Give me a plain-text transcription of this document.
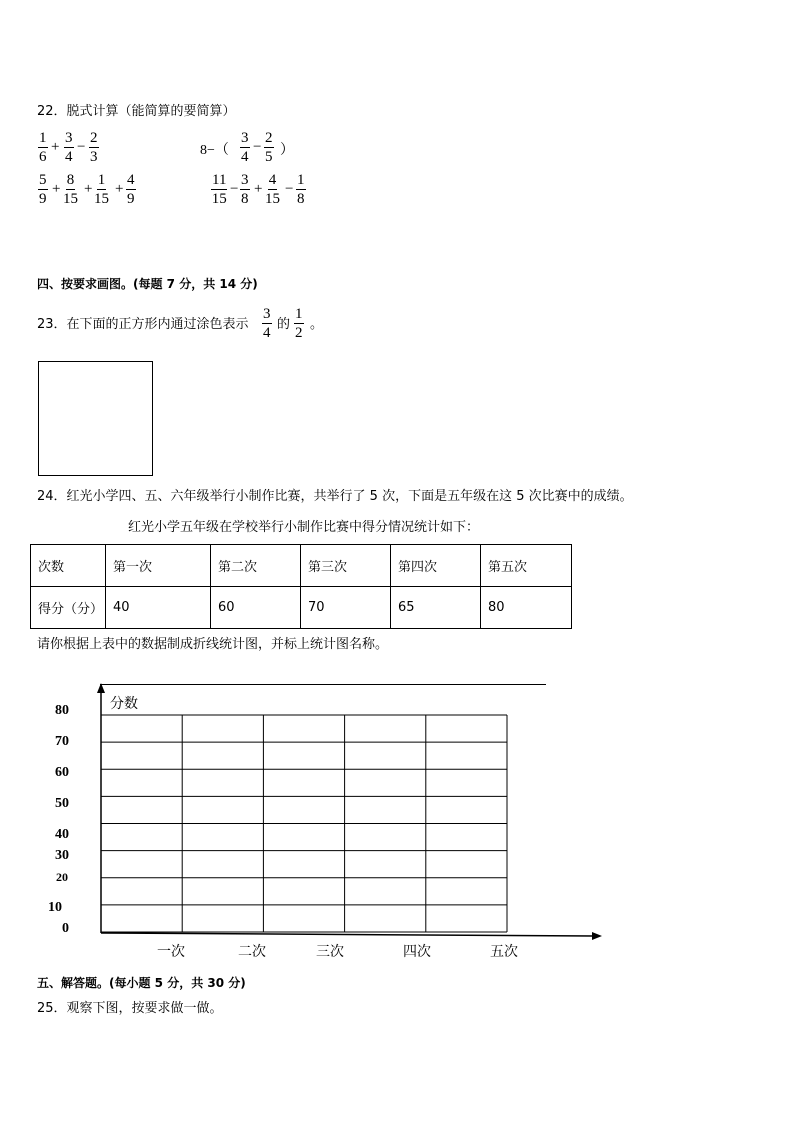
22．脱式计算（能简算的要简算）
$\frac{1}{6} + \frac{3}{4} - \frac{2}{3}$	$8-( \frac{3}{4} - \frac{2}{5}$ ）
$\frac{5}{9} + \frac{8}{15} + \frac{1}{15} + \frac{4}{9}$	$\frac{11}{15} - \frac{3}{8} + \frac{4}{15} - \frac{1}{8}$
四、按要求画图。(每题 7 分，共 14 分)
23．在下面的正方形内通过涂色表示 $\frac{3}{4}$ 的 $\frac{1}{2}$ 。
24．红光小学四、五、六年级举行小制作比赛，共举行了 5 次，下面是五年级在这 5 次比赛中的成绩。
红光小学五年级在学校举行小制作比赛中得分情况统计如下：
次数	第一次	第二次	第三次	第四次	第五次
得分（分）	40	60	70	65	80
请你根据上表中的数据制成折线统计图，并标上统计图名称。
分数
80
70
60
50
40
30
20
10
0
一次	二次	三次	四次	五次
五、解答题。(每小题 5 分，共 30 分)
25．观察下图，按要求做一做。
